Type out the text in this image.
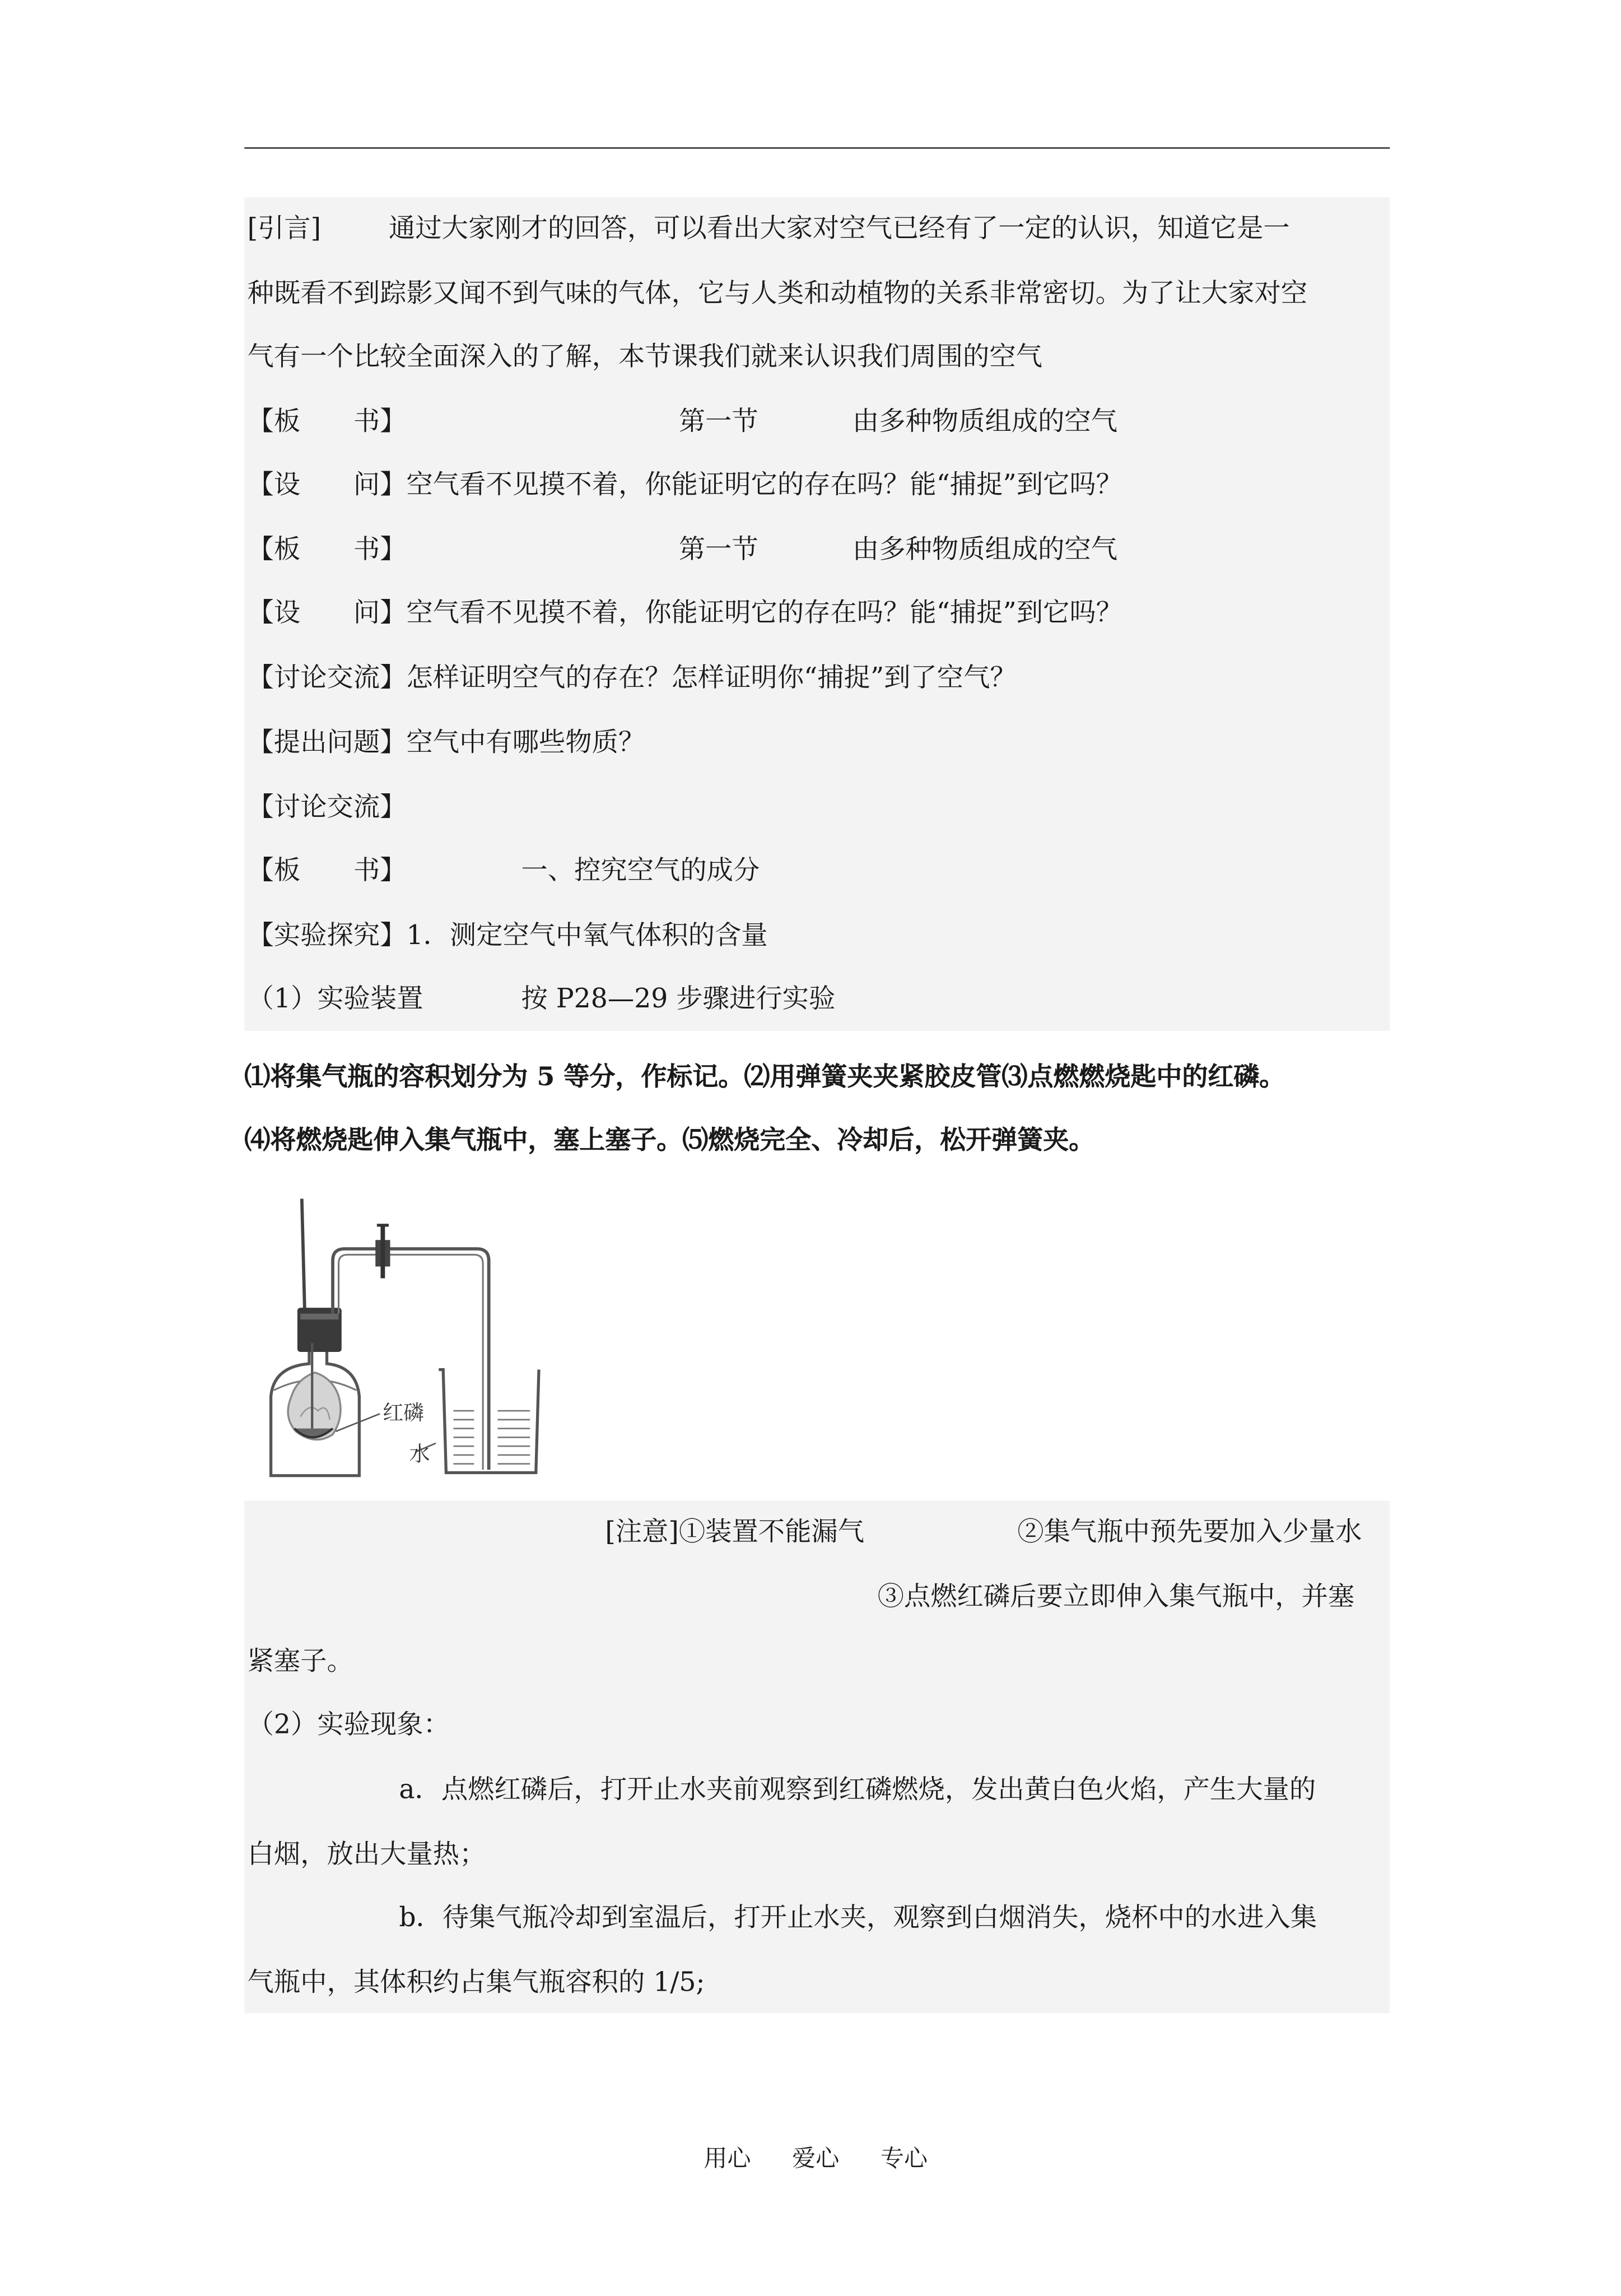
[引言]	通过大家刚才的回答，可以看出大家对空气已经有了一定的认识，知道它是一
种既看不到踪影又闻不到气味的气体，它与人类和动植物的关系非常密切。为了让大家对空
气有一个比较全面深入的了解，本节课我们就来认识我们周围的空气
【板　　书】	第一节	由多种物质组成的空气
【设　　问】空气看不见摸不着，你能证明它的存在吗？能“捕捉”到它吗？
【板　　书】	第一节	由多种物质组成的空气
【设　　问】空气看不见摸不着，你能证明它的存在吗？能“捕捉”到它吗？
【讨论交流】怎样证明空气的存在？怎样证明你“捕捉”到了空气？
【提出问题】空气中有哪些物质？
【讨论交流】
【板　　书】	一、控究空气的成分
【实验探究】1．测定空气中氧气体积的含量
（1）实验装置	按 P28—29 步骤进行实验
⑴将集气瓶的容积划分为 5 等分，作标记。⑵用弹簧夹夹紧胶皮管⑶点燃燃烧匙中的红磷。
⑷将燃烧匙伸入集气瓶中，塞上塞子。⑸燃烧完全、冷却后，松开弹簧夹。
红磷
水
[注意]①装置不能漏气	②集气瓶中预先要加入少量水
③点燃红磷后要立即伸入集气瓶中，并塞
紧塞子。
（2）实验现象：
a．点燃红磷后，打开止水夹前观察到红磷燃烧，发出黄白色火焰，产生大量的
白烟，放出大量热；
b．待集气瓶冷却到室温后，打开止水夹，观察到白烟消失，烧杯中的水进入集
气瓶中，其体积约占集气瓶容积的 1/5;
用心	爱心	专心
